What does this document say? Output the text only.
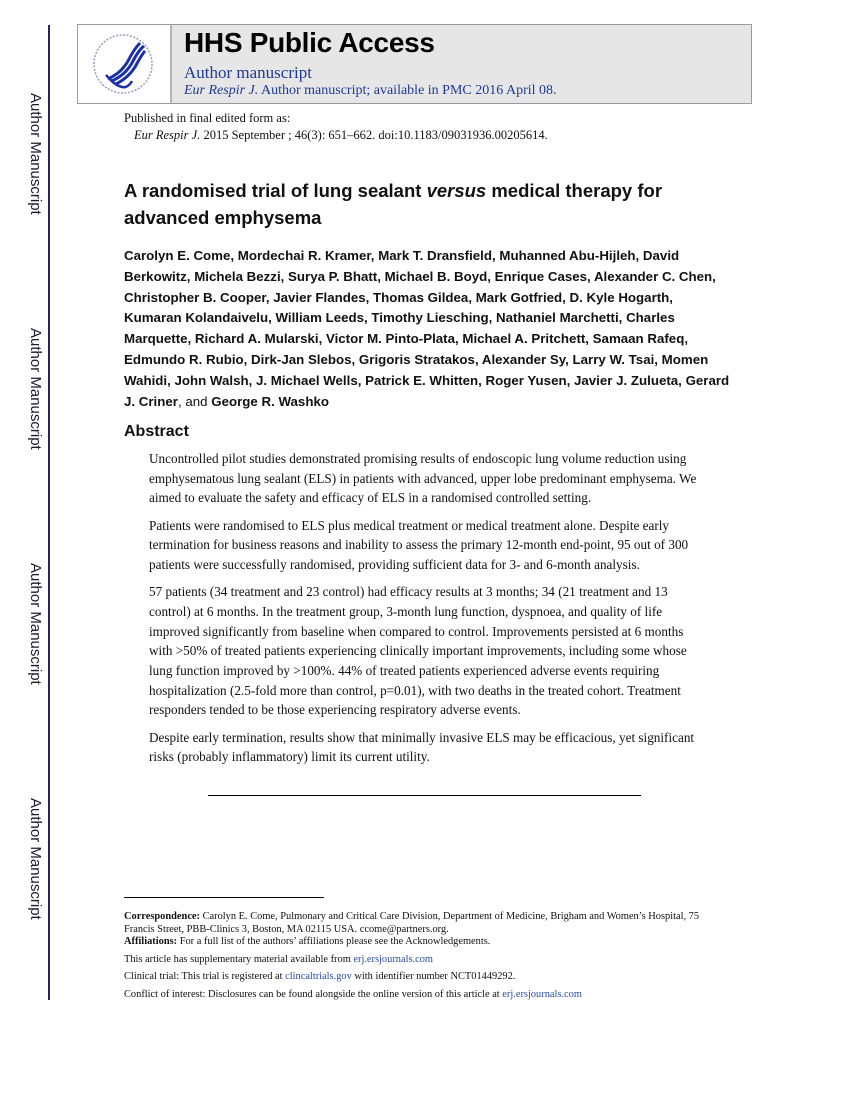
Author Manuscript
Author Manuscript
Author Manuscript
Author Manuscript
HHS Public Access
Author manuscript
Eur Respir J. Author manuscript; available in PMC 2016 April 08.
Published in final edited form as:
Eur Respir J. 2015 September ; 46(3): 651–662. doi:10.1183/09031936.00205614.
A randomised trial of lung sealant versus medical therapy for advanced emphysema
Carolyn E. Come, Mordechai R. Kramer, Mark T. Dransfield, Muhanned Abu-Hijleh, David Berkowitz, Michela Bezzi, Surya P. Bhatt, Michael B. Boyd, Enrique Cases, Alexander C. Chen, Christopher B. Cooper, Javier Flandes, Thomas Gildea, Mark Gotfried, D. Kyle Hogarth, Kumaran Kolandaivelu, William Leeds, Timothy Liesching, Nathaniel Marchetti, Charles Marquette, Richard A. Mularski, Victor M. Pinto-Plata, Michael A. Pritchett, Samaan Rafeq, Edmundo R. Rubio, Dirk-Jan Slebos, Grigoris Stratakos, Alexander Sy, Larry W. Tsai, Momen Wahidi, John Walsh, J. Michael Wells, Patrick E. Whitten, Roger Yusen, Javier J. Zulueta, Gerard J. Criner, and George R. Washko
Abstract

Uncontrolled pilot studies demonstrated promising results of endoscopic lung volume reduction using emphysematous lung sealant (ELS) in patients with advanced, upper lobe predominant emphysema. We aimed to evaluate the safety and efficacy of ELS in a randomised controlled setting.

Patients were randomised to ELS plus medical treatment or medical treatment alone. Despite early termination for business reasons and inability to assess the primary 12-month end-point, 95 out of 300 patients were successfully randomised, providing sufficient data for 3- and 6-month analysis.

57 patients (34 treatment and 23 control) had efficacy results at 3 months; 34 (21 treatment and 13 control) at 6 months. In the treatment group, 3-month lung function, dyspnoea, and quality of life improved significantly from baseline when compared to control. Improvements persisted at 6 months with >50% of treated patients experiencing clinically important improvements, including some whose lung function improved by >100%. 44% of treated patients experienced adverse events requiring hospitalization (2.5-fold more than control, p=0.01), with two deaths in the treated cohort. Treatment responders tended to be those experiencing respiratory adverse events.

Despite early termination, results show that minimally invasive ELS may be efficacious, yet significant risks (probably inflammatory) limit its current utility.

Correspondence: Carolyn E. Come, Pulmonary and Critical Care Division, Department of Medicine, Brigham and Women’s Hospital, 75 Francis Street, PBB-Clinics 3, Boston, MA 02115 USA. ccome@partners.org.

Affiliations: For a full list of the authors’ affiliations please see the Acknowledgements.

This article has supplementary material available from erj.ersjournals.com

Clinical trial: This trial is registered at clincaltrials.gov with identifier number NCT01449292.

Conflict of interest: Disclosures can be found alongside the online version of this article at erj.ersjournals.com
